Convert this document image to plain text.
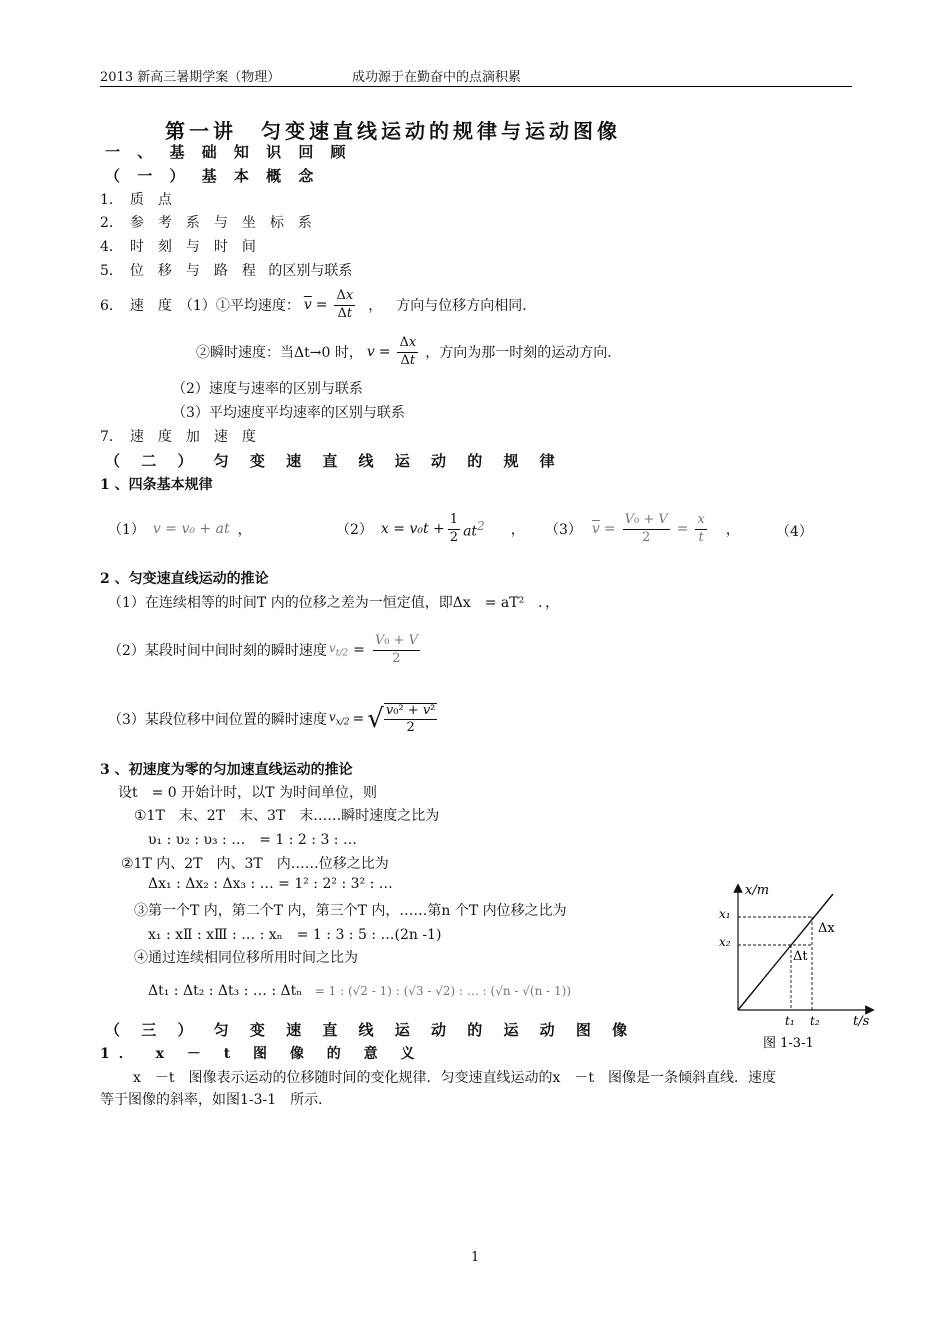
2013 新高三暑期学案（物理）	成功源于在勤奋中的点滴积累
第一讲　匀变速直线运动的规律与运动图像
一 、 基 础 知 识 回 顾
（ 一 ） 基 本 概 念
1．　质　点
2．　参　考　系　与　坐　标　系
4．　时　刻　与　时　间
5．　位　移　与　路　程 的区别与联系
6．　速　度　（1）①平均速度： $\overline{v} = \frac{\Delta x}{\Delta t}$ ， 方向与位移方向相同．
②瞬时速度：当Δt→0 时， $v = \frac{\Delta x}{\Delta t}$ ，方向为那一时刻的运动方向．
（2）速度与速率的区别与联系
（3）平均速度平均速率的区别与联系
7．　速　度　加　速　度
（ 二 ） 匀 变 速 直 线 运 动 的 规 律
1 、四条基本规律
（1） v = v₀ + at ，	（2） $x = v_0t + \frac{1}{2} at^2$ ， （3） $\overline{v} = \frac{\text{V₀ + V}}{2} = \frac{x}{t}$ ，	（4）
2 、匀变速直线运动的推论
（1）在连续相等的时间T 内的位移之差为一恒定值，即Δx　= aT²　．，
（2）某段时间中间时刻的瞬时速度 $v_{t/2} = \frac{\text{V₀ + V}}{2}$
（3）某段位移中间位置的瞬时速度 $v_{x/2}$ = √ $\frac{\text{v₀² + v²}}{2}$
3 、初速度为零的匀加速直线运动的推论
设t　= 0 开始计时，以T 为时间单位，则
①1T　末、2T　末、3T　末……瞬时速度之比为
υ₁ : υ₂ : υ₃ : …　= 1 : 2 : 3 : …
②1T 内、2T　内、3T　内……位移之比为
Δx₁ : Δx₂ : Δx₃ : … = 1² : 2² : 3² : …
③第一个T 内，第二个T 内，第三个T 内，……第n 个T 内位移之比为
x₁ : xⅡ : xⅢ : … : xₙ　= 1 : 3 : 5 : …(2n -1)
④通过连续相同位移所用时间之比为
Δt₁ : Δt₂ : Δt₃ : … : Δtₙ = 1 : (√2 - 1) : (√3 - √2) : … : (√n - √(n - 1))
x/m
x₁
x₂
Δx
Δt
t₁ t₂	t/s
图 1-3-1
（ 三 ） 匀 变 速 直 线 运 动 的 运 动 图 像
1． x － t 图 像 的 意 义
x　－t　图像表示运动的位移随时间的变化规律．匀变速直线运动的x　－t　图像是一条倾斜直线．速度
等于图像的斜率，如图1-3-1　所示．
1
